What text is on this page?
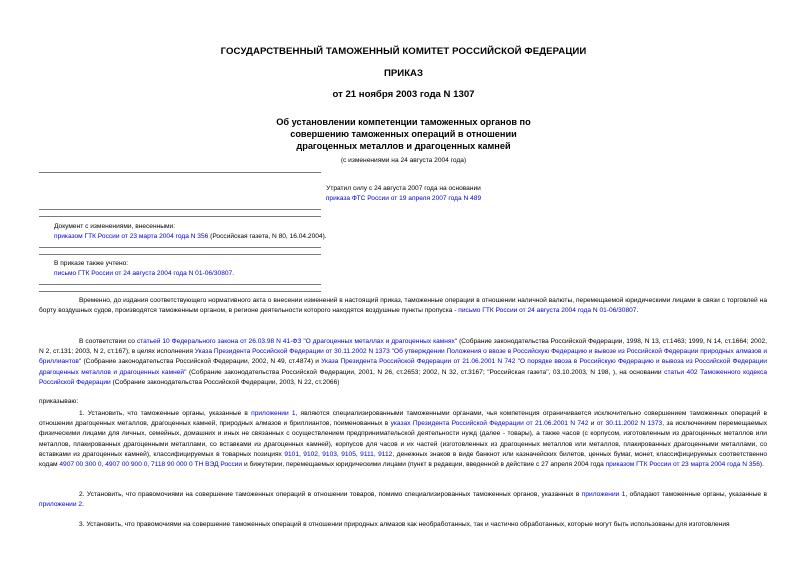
ГОСУДАРСТВЕННЫЙ ТАМОЖЕННЫЙ КОМИТЕТ РОССИЙСКОЙ ФЕДЕРАЦИИ
ПРИКАЗ
от 21 ноября 2003 года N 1307
Об установлении компетенции таможенных органов по
совершению таможенных операций в отношении
драгоценных металлов и драгоценных камней
(с изменениями на 24 августа 2004 года)
Утратил силу с 24 августа 2007 года на основании
приказа ФТС России от 19 апреля 2007 года N 489
Документ с изменениями, внесенными:
приказом ГТК России от 23 марта 2004 года N 356 (Российская газета, N 80, 16.04.2004).
В приказе также учтено:
письмо ГТК России от 24 августа 2004 года N 01-06/30807.
Временно, до издания соответствующего нормативного акта о внесении изменений в настоящий приказ, таможенные операции в отношении наличной валюты, перемещаемой юридическими лицами в связи с торговлей на борту воздушных судов, производятся таможенным органом, в регионе деятельности которого находятся воздушные пункты пропуска - письмо ГТК России от 24 августа 2004 года N 01-06/30807.
В соответствии со статьей 10 Федерального закона от 26.03.98 N 41-ФЗ "О драгоценных металлах и драгоценных камнях" (Собрание законодательства Российской Федерации, 1998, N 13, ст.1463; 1999, N 14, ст.1664; 2002, N 2, ст.131; 2003, N 2, ст.167), в целях исполнения Указа Президента Российской Федерации от 30.11.2002 N 1373 "Об утверждении Положения о ввозе в Российскую Федерацию и вывозе из Российской Федерации природных алмазов и бриллиантов" (Собрание законодательства Российской Федерации, 2002, N 49, ст.4874) и Указа Президента Российской Федерации от 21.06.2001 N 742 "О порядке ввоза в Российскую Федерацию и вывоза из Российской Федерации драгоценных металлов и драгоценных камней" (Собрание законодательства Российской Федерации, 2001, N 26, ст.2653; 2002, N 32, ст.3167; "Российская газета", 03.10.2003, N 198, ), на основании статьи 402 Таможенного кодекса Российской Федерации (Собрание законодательства Российской Федерации, 2003, N 22, ст.2066)
приказываю:
1. Установить, что таможенные органы, указанные в приложении 1, являются специализированными таможенными органами, чья компетенция ограничивается исключительно совершением таможенных операций в отношении драгоценных металлов, драгоценных камней, природных алмазов и бриллиантов, поименованных в указах Президента Российской Федерации от 21.06.2001 N 742 и от 30.11.2002 N 1373, за исключением перемещаемых физическими лицами для личных, семейных, домашних и иных не связанных с осуществлением предпринимательской деятельности нужд (далее - товары), а также часов (с корпусом, изготовленным из драгоценных металлов или металлов, плакированных драгоценными металлами, со вставками из драгоценных камней), корпусов для часов и их частей (изготовленных из драгоценных металлов или металлов, плакированных драгоценными металлами, со вставками из драгоценных камней), классифицируемых в товарных позициях 9101, 9102, 9103, 9105, 9111, 9112, денежных знаков в виде банкнот или казначейских билетов, ценных бумаг, монет, классифицируемых соответственно кодам 4907 00 300 0, 4907 00 900 0, 7118 90 000 0 ТН ВЭД России и бижутерии, перемещаемых юридическими лицами (пункт в редакции, введенной в действие с 27 апреля 2004 года приказом ГТК России от 23 марта 2004 года N 356).
2. Установить, что правомочиями на совершение таможенных операций в отношении товаров, помимо специализированных таможенных органов, указанных в приложении 1, обладают таможенные органы, указанные в приложении 2.
3. Установить, что правомочиями на совершение таможенных операций в отношении природных алмазов как необработанных, так и частично обработанных, которые могут быть использованы для изготовления
